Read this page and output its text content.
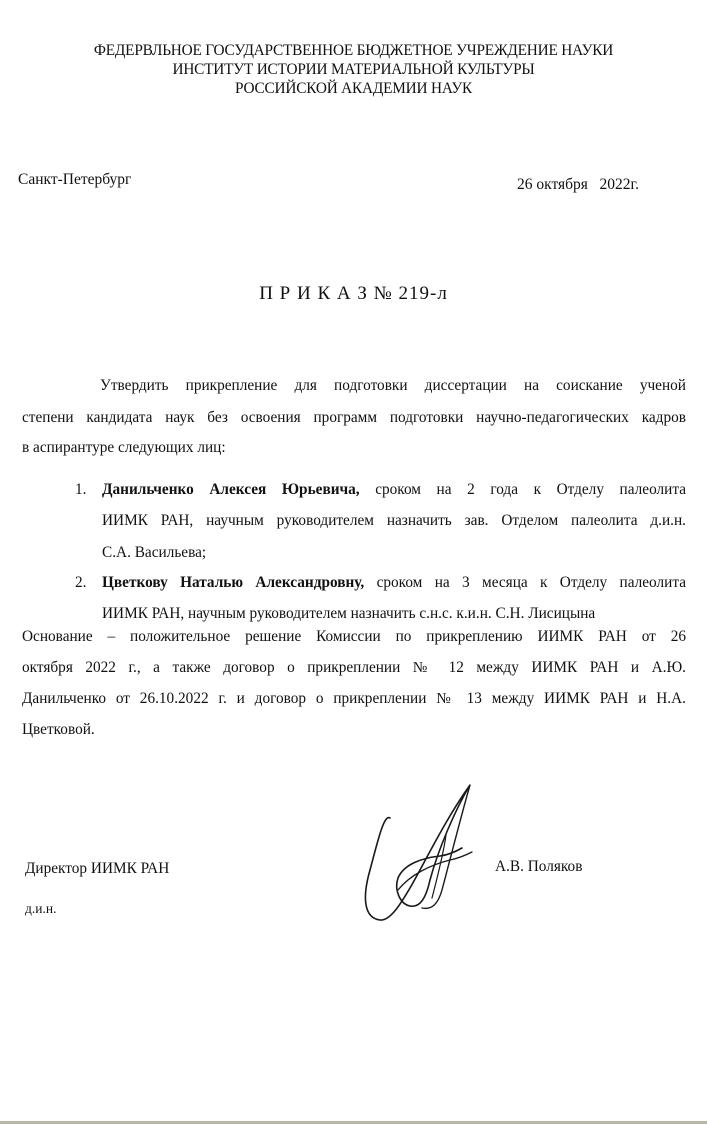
ФЕДЕРВЛЬНОЕ ГОСУДАРСТВЕННОЕ БЮДЖЕТНОЕ УЧРЕЖДЕНИЕ НАУКИ
ИНСТИТУТ ИСТОРИИ МАТЕРИАЛЬНОЙ КУЛЬТУРЫ
РОССИЙСКОЙ АКАДЕМИИ НАУК
Санкт-Петербург	26 октября   2022г.
П Р И К А З № 219-л
Утвердить прикрепление для подготовки диссертации на соискание ученой
степени кандидата наук без освоения программ подготовки научно-педагогических кадров
в аспирантуре следующих лиц:
1. Данильченко Алексея Юрьевича, сроком на 2 года к Отделу палеолита
ИИМК РАН, научным руководителем назначить зав. Отделом палеолита д.и.н.
С.А. Васильева;
2. Цветкову Наталью Александровну, сроком на 3 месяца к Отделу палеолита
ИИМК РАН, научным руководителем назначить с.н.с. к.и.н. С.Н. Лисицына
Основание – положительное решение Комиссии по прикреплению ИИМК РАН от 26
октября 2022 г., а также договор о прикреплении № 12 между ИИМК РАН и А.Ю.
Данильченко от 26.10.2022 г. и договор о прикреплении № 13 между ИИМК РАН и Н.А.
Цветковой.
Директор ИИМК РАН
д.и.н.
А.В. Поляков
